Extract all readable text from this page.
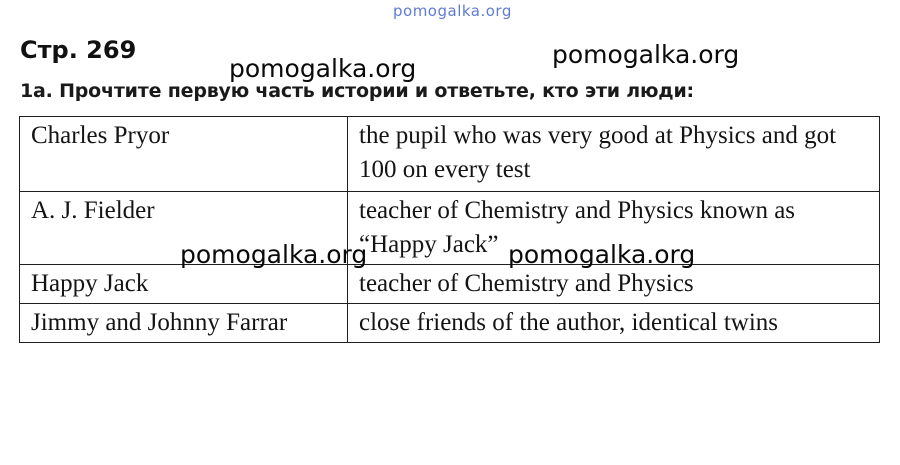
pomogalka.org
Стр. 269	pomogalka.org
pomogalka.org
1a. Прочтите первую часть истории и ответьте, кто эти люди:
Charles Pryor	the pupil who was very good at Physics and got 100 on every test
A. J. Fielder	teacher of Chemistry and Physics known as “Happy Jack”
Happy Jack	teacher of Chemistry and Physics
Jimmy and Johnny Farrar	close friends of the author, identical twins
pomogalka.org	pomogalka.org
